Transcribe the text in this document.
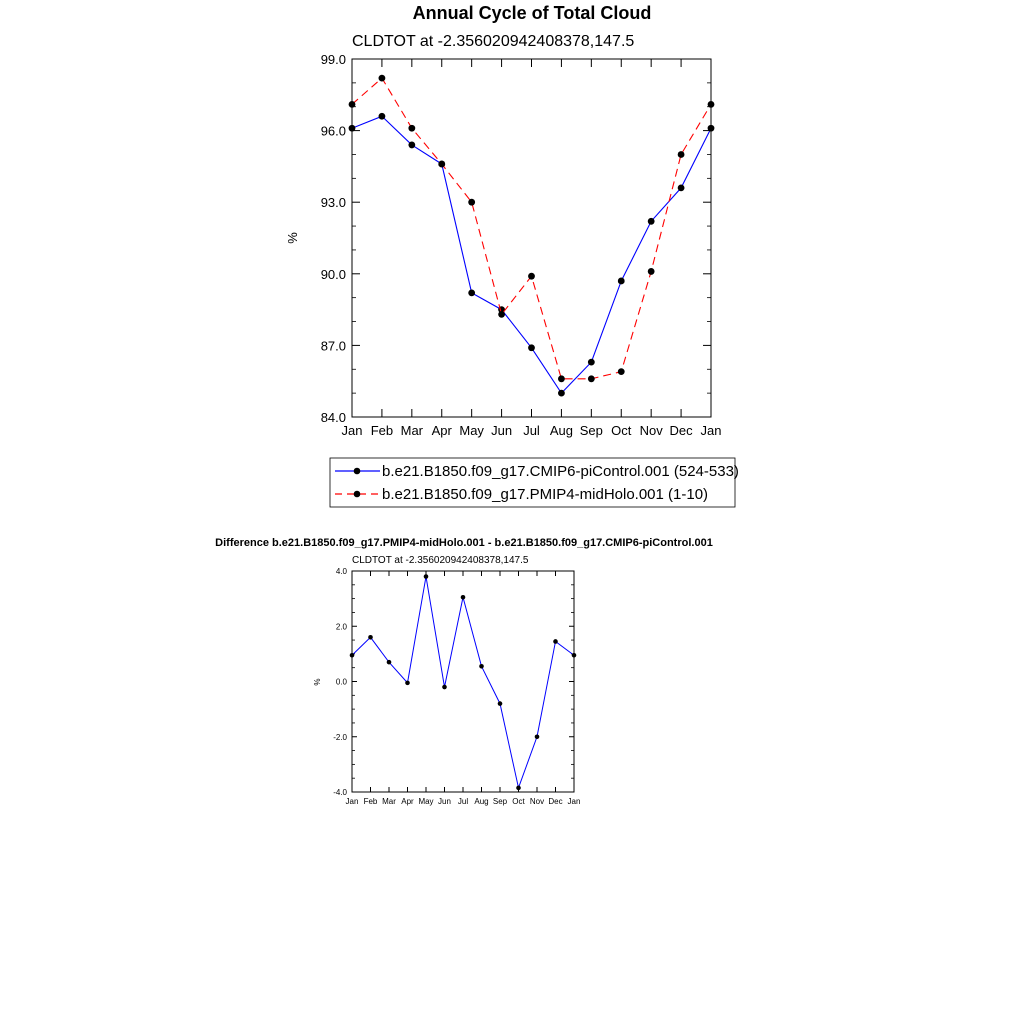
Annual Cycle of Total Cloud
CLDTOT at -2.356020942408378,147.5
%
84.0
87.0
90.0
93.0
96.0
99.0
Jan Feb Mar Apr May Jun Jul Aug Sep Oct Nov Dec Jan
b.e21.B1850.f09_g17.CMIP6-piControl.001 (524-533)
b.e21.B1850.f09_g17.PMIP4-midHolo.001 (1-10)
Difference b.e21.B1850.f09_g17.PMIP4-midHolo.001 - b.e21.B1850.f09_g17.CMIP6-piControl.001
CLDTOT at -2.356020942408378,147.5
%
-4.0
-2.0
0.0
2.0
4.0
Jan Feb Mar Apr May Jun Jul Aug Sep Oct Nov Dec Jan
